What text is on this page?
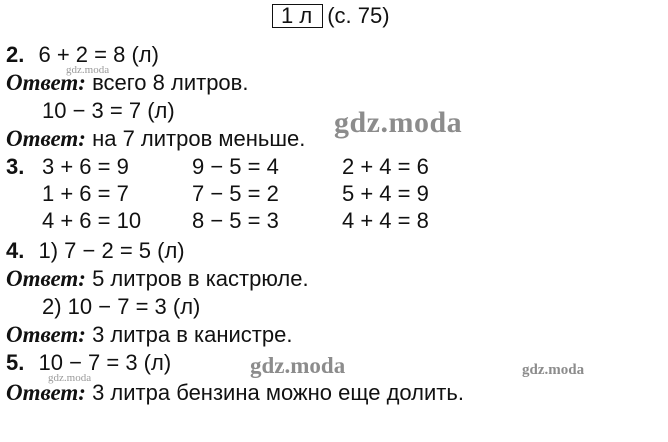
1 л (с. 75)
gdz.moda
gdz.moda
gdz.moda	gdz.moda	gdz.moda
2. 6 + 2 = 8 (л)
Ответ: всего 8 литров.
10 − 3 = 7 (л)
Ответ: на 7 литров меньше.
3. 3 + 6 = 9	9 − 5 = 4	2 + 4 = 6
1 + 6 = 7	7 − 5 = 2	5 + 4 = 9
4 + 6 = 10 8 − 5 = 3	4 + 4 = 8
4. 1) 7 − 2 = 5 (л)
Ответ: 5 литров в кастрюле.
2) 10 − 7 = 3 (л)
Ответ: 3 литра в канистре.
5. 10 − 7 = 3 (л)
Ответ: 3 литра бензина можно еще долить.
